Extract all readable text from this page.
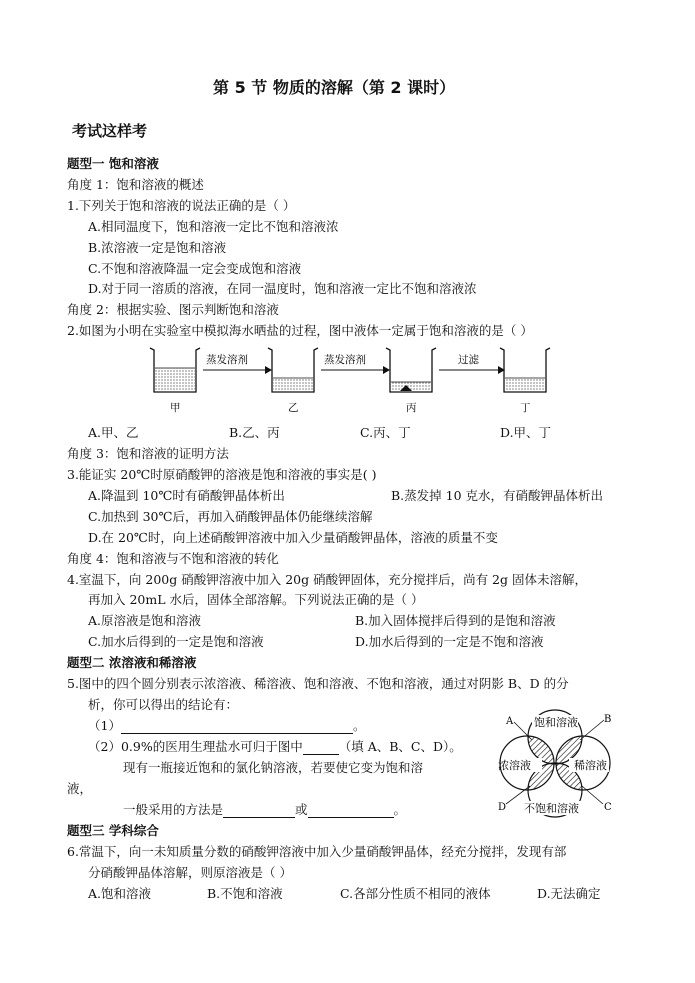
第 5 节 物质的溶解（第 2 课时）
考试这样考
题型一 饱和溶液
角度 1：饱和溶液的概述
1.下列关于饱和溶液的说法正确的是（ ）
A.相同温度下，饱和溶液一定比不饱和溶液浓
B.浓溶液一定是饱和溶液
C.不饱和溶液降温一定会变成饱和溶液
D.对于同一溶质的溶液，在同一温度时，饱和溶液一定比不饱和溶液浓
角度 2：根据实验、图示判断饱和溶液
2.如图为小明在实验室中模拟海水晒盐的过程，图中液体一定属于饱和溶液的是（ ）
蒸发溶剂	蒸发溶剂	过滤
甲	乙	丙	丁
A.甲、乙	B.乙、丙	C.丙、丁	D.甲、丁
角度 3：饱和溶液的证明方法
3.能证实 20℃时原硝酸钾的溶液是饱和溶液的事实是( )
A.降温到 10℃时有硝酸钾晶体析出	B.蒸发掉 10 克水，有硝酸钾晶体析出
C.加热到 30℃后，再加入硝酸钾晶体仍能继续溶解
D.在 20℃时，向上述硝酸钾溶液中加入少量硝酸钾晶体，溶液的质量不变
角度 4：饱和溶液与不饱和溶液的转化
4.室温下，向 200g 硝酸钾溶液中加入 20g 硝酸钾固体，充分搅拌后，尚有 2g 固体未溶解，
再加入 20mL 水后，固体全部溶解。下列说法正确的是（ ）
A.原溶液是饱和溶液	B.加入固体搅拌后得到的是饱和溶液
C.加水后得到的一定是饱和溶液	D.加水后得到的一定是不饱和溶液
题型二 浓溶液和稀溶液
5.图中的四个圆分别表示浓溶液、稀溶液、饱和溶液、不饱和溶液，通过对阴影 B、D 的分
析，你可以得出的结论有：
（1）	。
（2）0.9%的医用生理盐水可归于图中	（填 A、B、C、D）。
现有一瓶接近饱和的氯化钠溶液，若要使它变为饱和溶
液，
一般采用的方法是	或	。
饱和溶液
浓溶液	稀溶液
不饱和溶液
A	B
C
D
题型三 学科综合
6.常温下，向一未知质量分数的硝酸钾溶液中加入少量硝酸钾晶体，经充分搅拌，发现有部
分硝酸钾晶体溶解，则原溶液是（ ）
A.饱和溶液	B.不饱和溶液	C.各部分性质不相同的液体	D.无法确定
